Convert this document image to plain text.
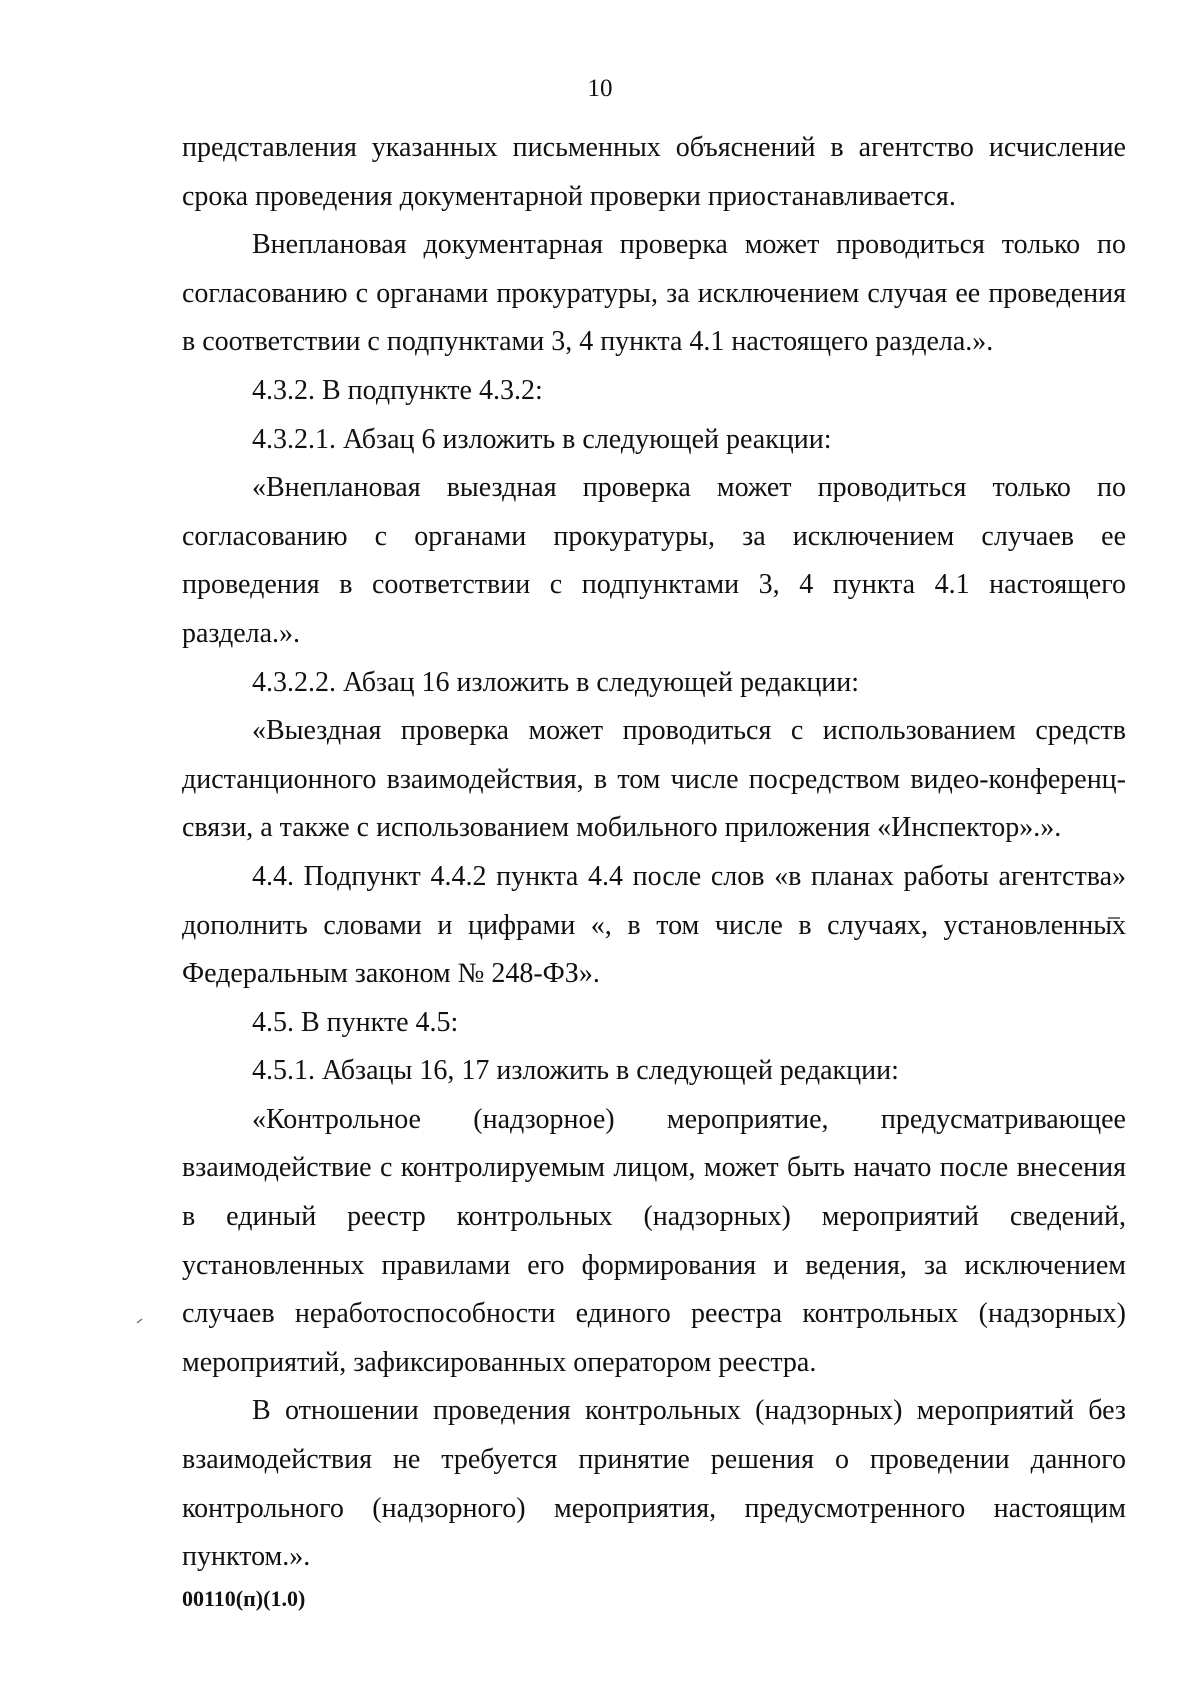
10

представления указанных письменных объяснений в агентство исчисление срока проведения документарной проверки приостанавливается.

Внеплановая документарная проверка может проводиться только по согласованию с органами прокуратуры, за исключением случая ее проведения в соответствии с подпунктами 3, 4 пункта 4.1 настоящего раздела.».

4.3.2. В подпункте 4.3.2:

4.3.2.1. Абзац 6 изложить в следующей реакции:

«Внеплановая выездная проверка может проводиться только по согласованию с органами прокуратуры, за исключением случаев ее проведения в соответствии с подпунктами 3, 4 пункта 4.1 настоящего раздела.».

4.3.2.2. Абзац 16 изложить в следующей редакции:

«Выездная проверка может проводиться с использованием средств дистанционного взаимодействия, в том числе посредством видео-конференц-связи, а также с использованием мобильного приложения «Инспектор».».

4.4. Подпункт 4.4.2 пункта 4.4 после слов «в планах работы агентства» дополнить словами и цифрами «, в том числе в случаях, установленных Федеральным законом № 248-ФЗ».

4.5. В пункте 4.5:

4.5.1. Абзацы 16, 17 изложить в следующей редакции:

«Контрольное (надзорное) мероприятие, предусматривающее взаимодействие с контролируемым лицом, может быть начато после внесения в единый реестр контрольных (надзорных) мероприятий сведений, установленных правилами его формирования и ведения, за исключением случаев неработоспособности единого реестра контрольных (надзорных) мероприятий, зафиксированных оператором реестра.

В отношении проведения контрольных (надзорных) мероприятий без взаимодействия не требуется принятие решения о проведении данного контрольного (надзорного) мероприятия, предусмотренного настоящим пунктом.».

00110(п)(1.0)
